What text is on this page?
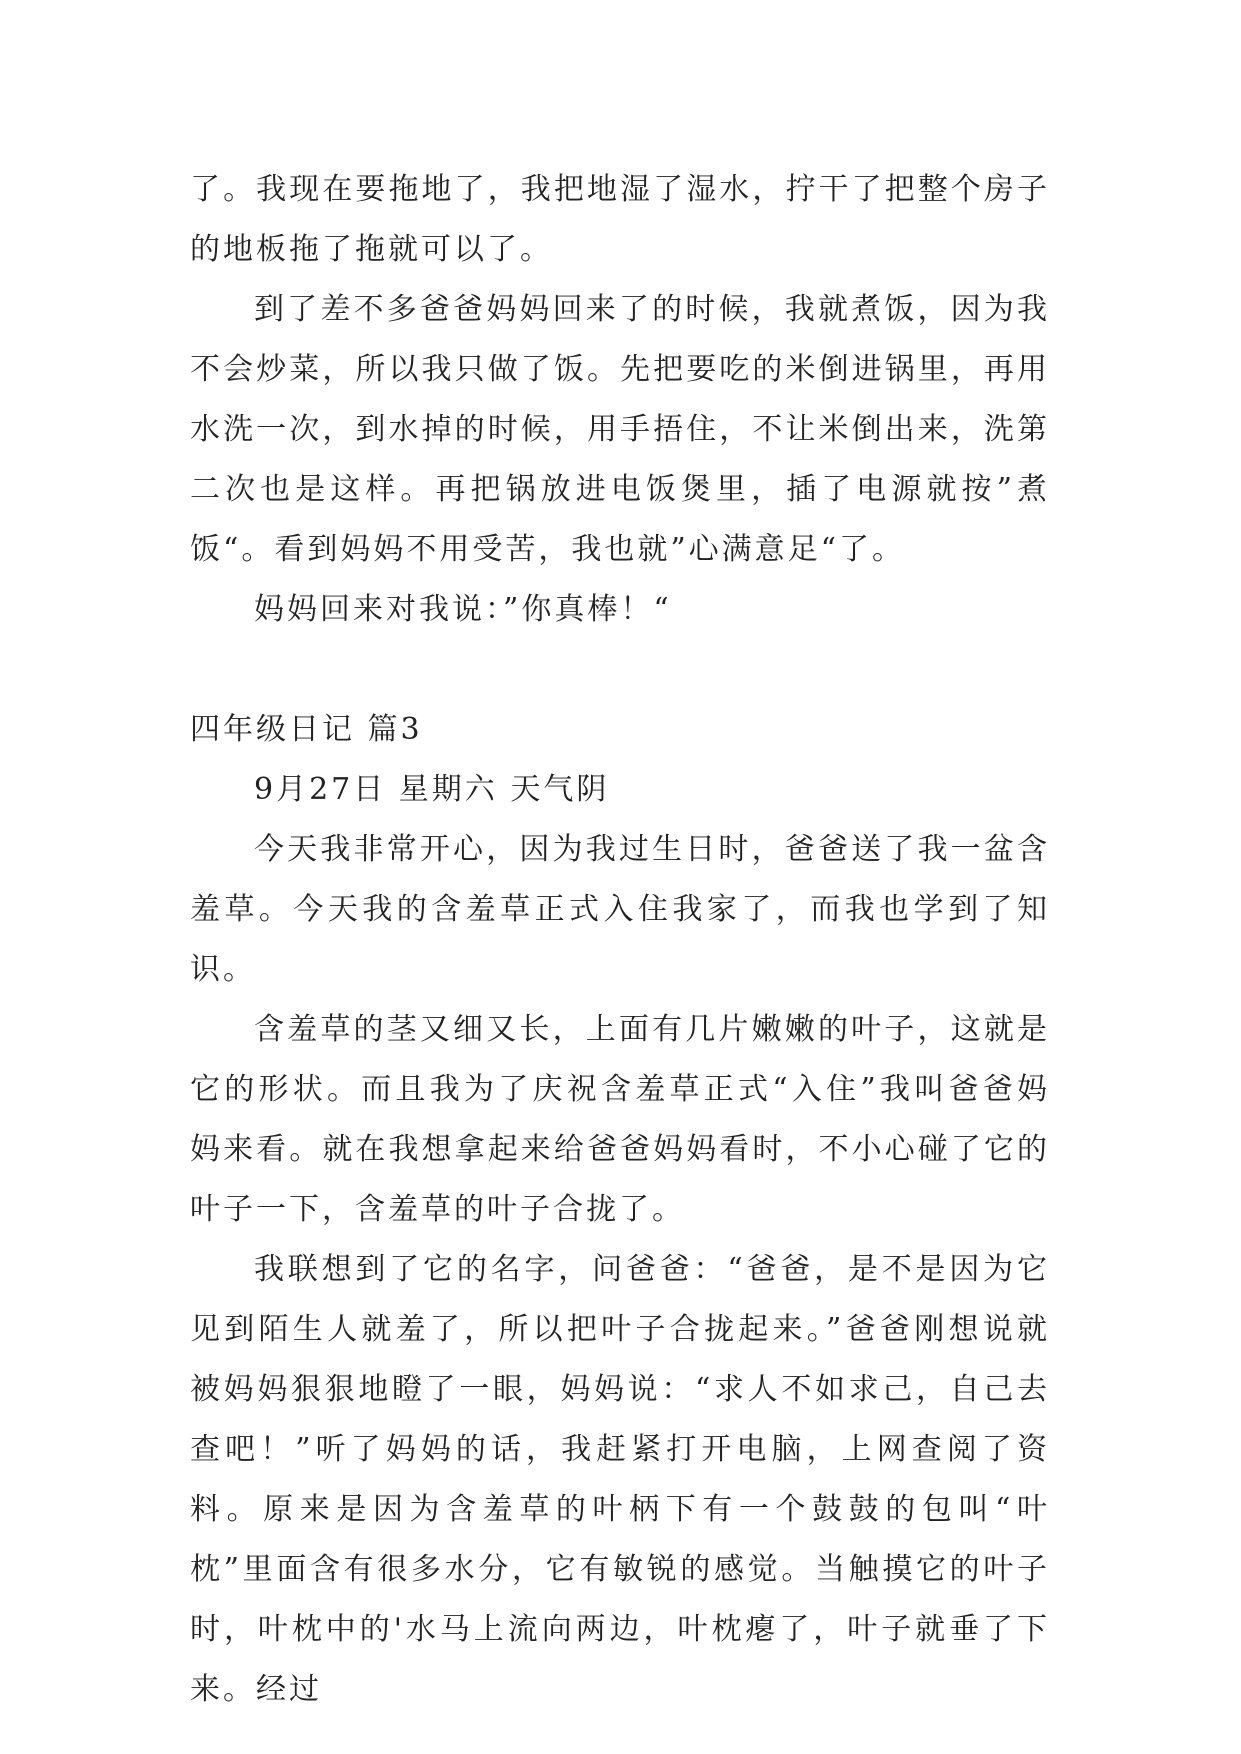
了。我现在要拖地了，我把地湿了湿水，拧干了把整个房子的地板拖了拖就可以了。

到了差不多爸爸妈妈回来了的时候，我就煮饭，因为我不会炒菜，所以我只做了饭。先把要吃的米倒进锅里，再用水洗一次，到水掉的时候，用手捂住，不让米倒出来，洗第二次也是这样。再把锅放进电饭煲里，插了电源就按”煮饭“。看到妈妈不用受苦，我也就”心满意足“了。

妈妈回来对我说：”你真棒！“

四年级日记 篇3

9月27日 星期六 天气阴

今天我非常开心，因为我过生日时，爸爸送了我一盆含羞草。今天我的含羞草正式入住我家了，而我也学到了知识。

含羞草的茎又细又长，上面有几片嫩嫩的叶子，这就是它的形状。而且我为了庆祝含羞草正式“入住”我叫爸爸妈妈来看。就在我想拿起来给爸爸妈妈看时，不小心碰了它的叶子一下，含羞草的叶子合拢了。

我联想到了它的名字，问爸爸：“爸爸，是不是因为它见到陌生人就羞了，所以把叶子合拢起来。”爸爸刚想说就被妈妈狠狠地瞪了一眼，妈妈说：“求人不如求己，自己去查吧！”听了妈妈的话，我赶紧打开电脑，上网查阅了资料。原来是因为含羞草的叶柄下有一个鼓鼓的包叫“叶枕”里面含有很多水分，它有敏锐的感觉。当触摸它的叶子时，叶枕中的'水马上流向两边，叶枕瘪了，叶子就垂了下来。经过
